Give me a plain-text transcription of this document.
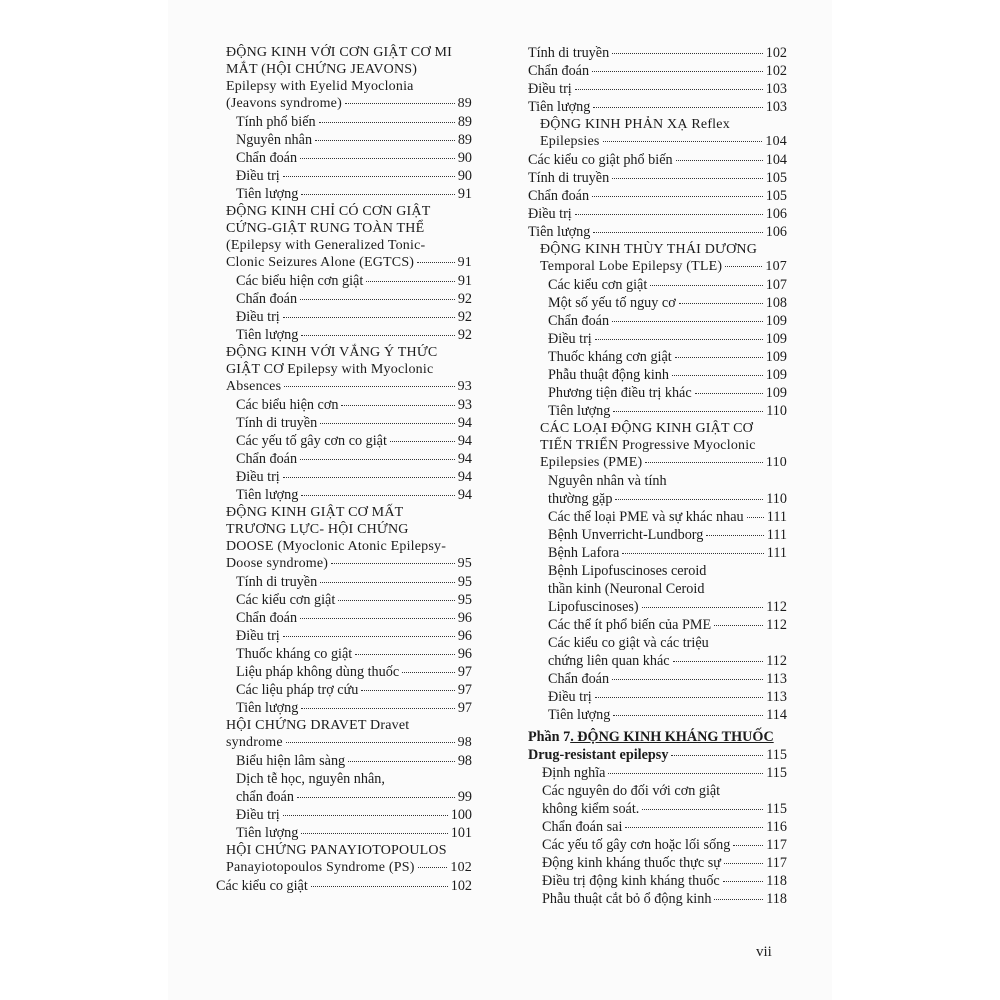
ĐỘNG KINH VỚI CƠN GIẬT CƠ MI
MẮT (HỘI CHỨNG JEAVONS)
Epilepsy with Eyelid Myoclonia
(Jeavons syndrome)	89
Tính phổ biến	89
Nguyên nhân	89
Chẩn đoán	90
Điều trị	90
Tiên lượng	91
ĐỘNG KINH CHỈ CÓ CƠN GIẬT
CỨNG-GIẬT RUNG TOÀN THỂ
(Epilepsy with Generalized Tonic-
Clonic Seizures Alone (EGTCS)	91
Các biểu hiện cơn giật	91
Chẩn đoán	92
Điều trị	92
Tiên lượng	92
ĐỘNG KINH VỚI VẮNG Ý THỨC
GIẬT CƠ Epilepsy with Myoclonic
Absences	93
Các biểu hiện cơn	93
Tính di truyền	94
Các yếu tố gây cơn co giật	94
Chẩn đoán	94
Điều trị	94
Tiên lượng	94
ĐỘNG KINH GIẬT CƠ MẤT
TRƯƠNG LỰC- HỘI CHỨNG
DOOSE (Myoclonic Atonic Epilepsy-
Doose syndrome)	95
Tính di truyền	95
Các kiểu cơn giật	95
Chẩn đoán	96
Điều trị	96
Thuốc kháng co giật	96
Liệu pháp không dùng thuốc	97
Các liệu pháp trợ cứu	97
Tiên lượng	97
HỘI CHỨNG DRAVET Dravet
syndrome	98
Biểu hiện lâm sàng	98
Dịch tễ học, nguyên nhân,
chẩn đoán	99
Điều trị	100
Tiên lượng	101
HỘI CHỨNG PANAYIOTOPOULOS
Panayiotopoulos Syndrome (PS)	102
Các kiểu co giật	102
Tính di truyền	102
Chẩn đoán	102
Điều trị	103
Tiên lượng	103
ĐỘNG KINH PHẢN XẠ Reflex
Epilepsies	104
Các kiểu co giật phổ biến	104
Tính di truyền	105
Chẩn đoán	105
Điều trị	106
Tiên lượng	106
ĐỘNG KINH THÙY THÁI DƯƠNG
Temporal Lobe Epilepsy (TLE)	107
Các kiểu cơn giật	107
Một số yếu tố nguy cơ	108
Chẩn đoán	109
Điều trị	109
Thuốc kháng cơn giật	109
Phẫu thuật động kinh	109
Phương tiện điều trị khác	109
Tiên lượng	110
CÁC LOẠI ĐỘNG KINH GIẬT CƠ
TIẾN TRIỂN Progressive Myoclonic
Epilepsies (PME)	110
Nguyên nhân và tính
thường gặp	110
Các thể loại PME và sự khác nhau 111
Bệnh Unverricht-Lundborg	111
Bệnh Lafora	111
Bệnh Lipofuscinoses ceroid
thần kinh (Neuronal Ceroid
Lipofuscinoses)	112
Các thể ít phổ biến của PME	112
Các kiểu co giật và các triệu
chứng liên quan khác	112
Chẩn đoán	113
Điều trị	113
Tiên lượng	114
Phần 7. ĐỘNG KINH KHÁNG THUỐC
Drug-resistant epilepsy	115
Định nghĩa	115
Các nguyên do đối với cơn giật
không kiểm soát.	115
Chẩn đoán sai	116
Các yếu tố gây cơn hoặc lối sống	117
Động kinh kháng thuốc thực sự	117
Điều trị động kinh kháng thuốc	118
Phẫu thuật cắt bỏ ổ động kinh	118
vii
